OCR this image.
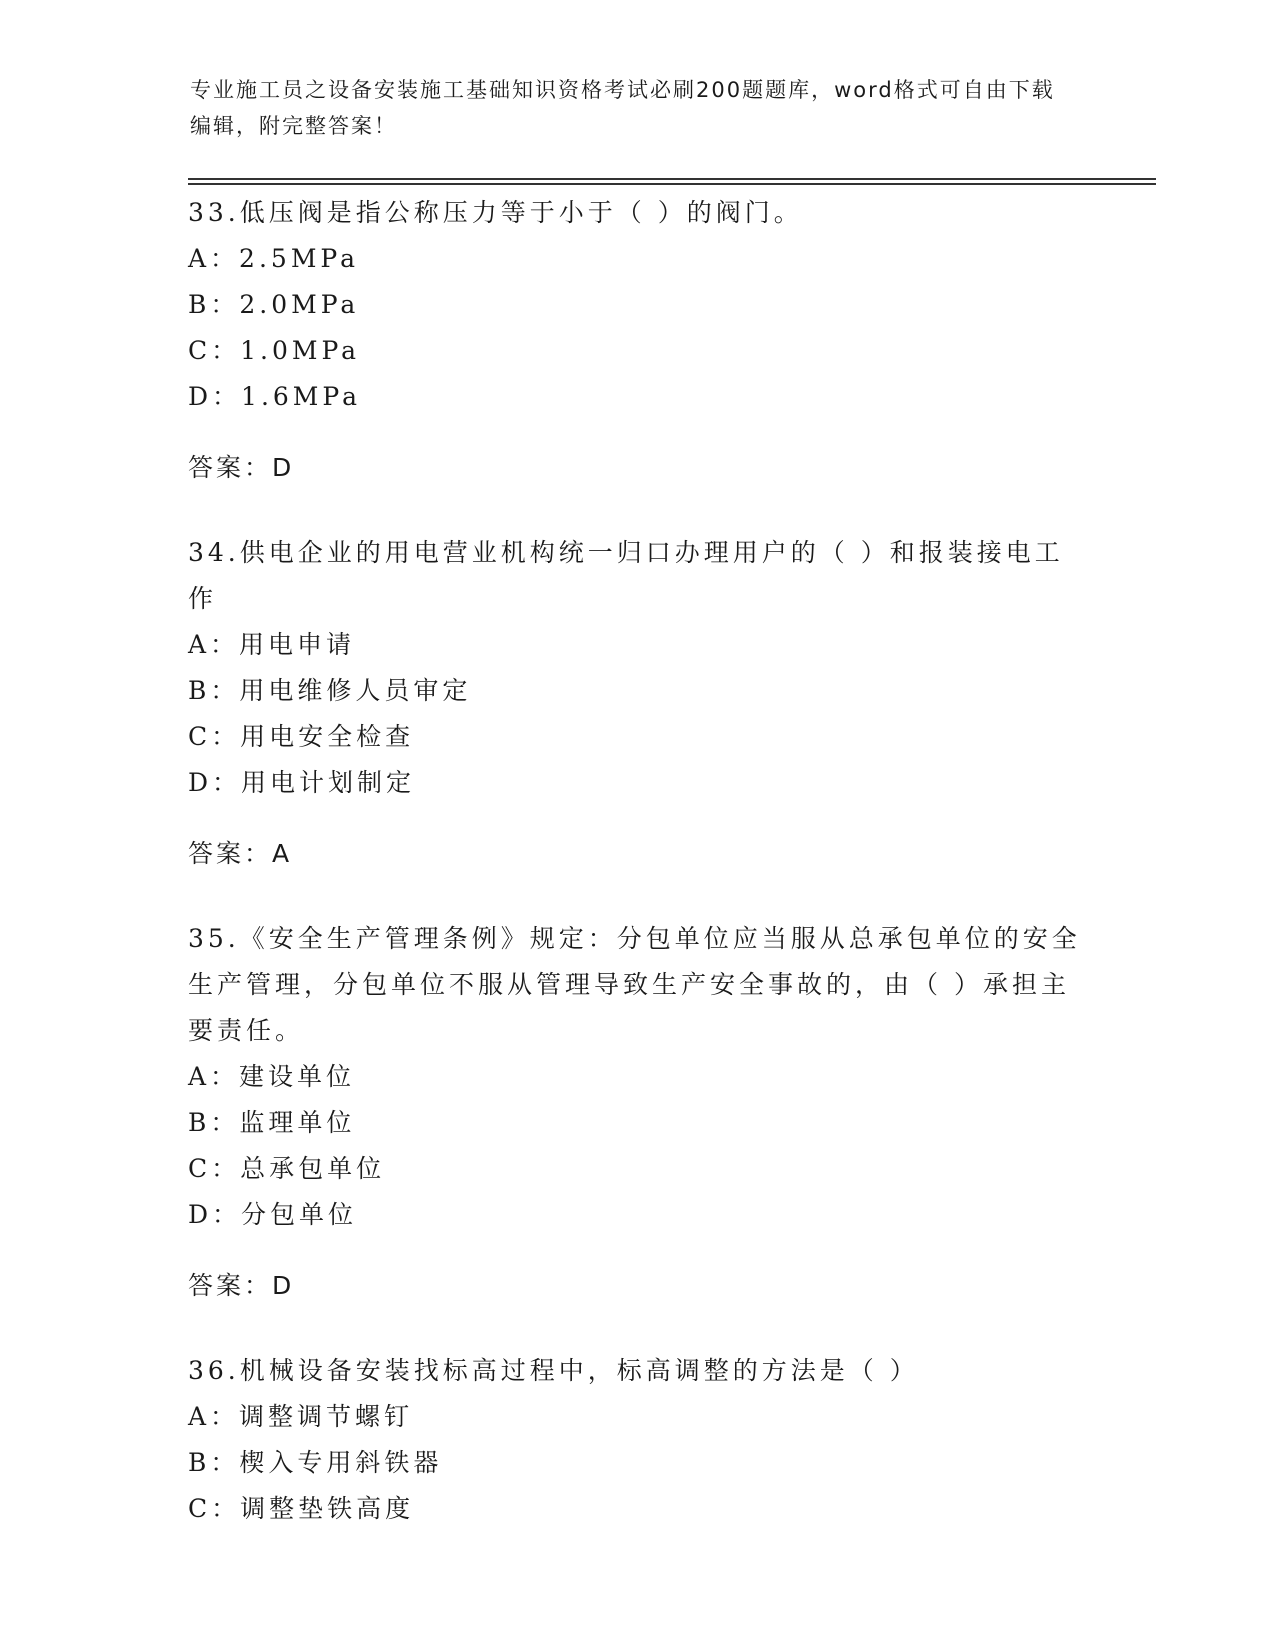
专业施工员之设备安装施工基础知识资格考试必刷200题题库，word格式可自由下载编辑，附完整答案！

33.低压阀是指公称压力等于小于（ ）的阀门。

A：2.5MPa

B：2.0MPa

C：1.0MPa

D：1.6MPa

答案：D

34.供电企业的用电营业机构统一归口办理用户的（ ）和报装接电工作

A：用电申请

B：用电维修人员审定

C：用电安全检查

D：用电计划制定

答案：A

35.《安全生产管理条例》规定：分包单位应当服从总承包单位的安全生产管理，分包单位不服从管理导致生产安全事故的，由（ ）承担主要责任。

A：建设单位

B：监理单位

C：总承包单位

D：分包单位

答案：D

36.机械设备安装找标高过程中，标高调整的方法是（ ）

A：调整调节螺钉

B：楔入专用斜铁器

C：调整垫铁高度
